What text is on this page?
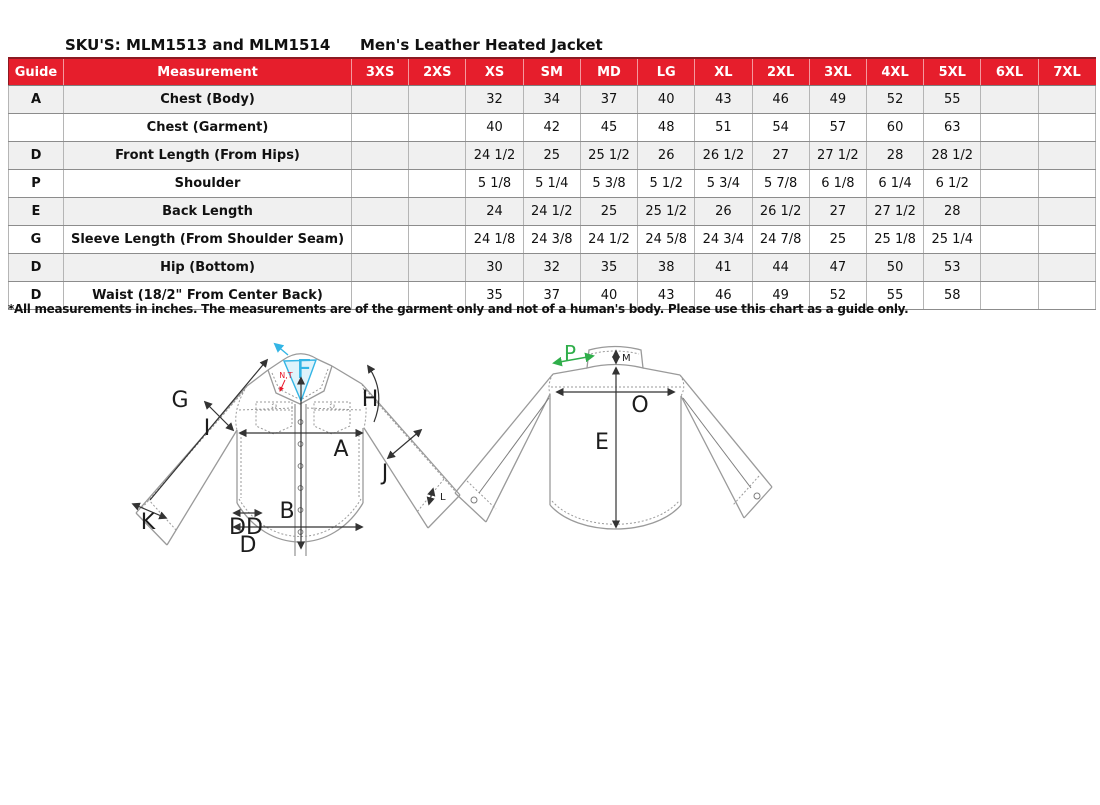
SKU'S: MLM1513 and MLM1514 Men's Leather Heated Jacket
Guide	Measurement	3XS	2XS	XS	SM	MD	LG	XL	2XL	3XL	4XL	5XL	6XL	7XL
A	Chest (Body)			32	34	37	40	43	46	49	52	55		
	Chest (Garment)			40	42	45	48	51	54	57	60	63		
D	Front Length (From Hips)			24 1/2	25	25 1/2	26	26 1/2	27	27 1/2	28	28 1/2		
P	Shoulder			5 1/8	5 1/4	5 3/8	5 1/2	5 3/4	5 7/8	6 1/8	6 1/4	6 1/2		
E	Back Length			24	24 1/2	25	25 1/2	26	26 1/2	27	27 1/2	28		
G	Sleeve Length (From Shoulder Seam)			24 1/8	24 3/8	24 1/2	24 5/8	24 3/4	24 7/8	25	25 1/8	25 1/4		
D	Hip (Bottom)			30	32	35	38	41	44	47	50	53		
D	Waist (18/2" From Center Back)			35	37	40	43	46	49	52	55	58		
*All measurements in inches. The measurements are of the garment only and not of a human's body. Please use this chart as a guide only.
F
N,T
G
I
H
A
B
J
K	DD
D
L
P	M
O
E
